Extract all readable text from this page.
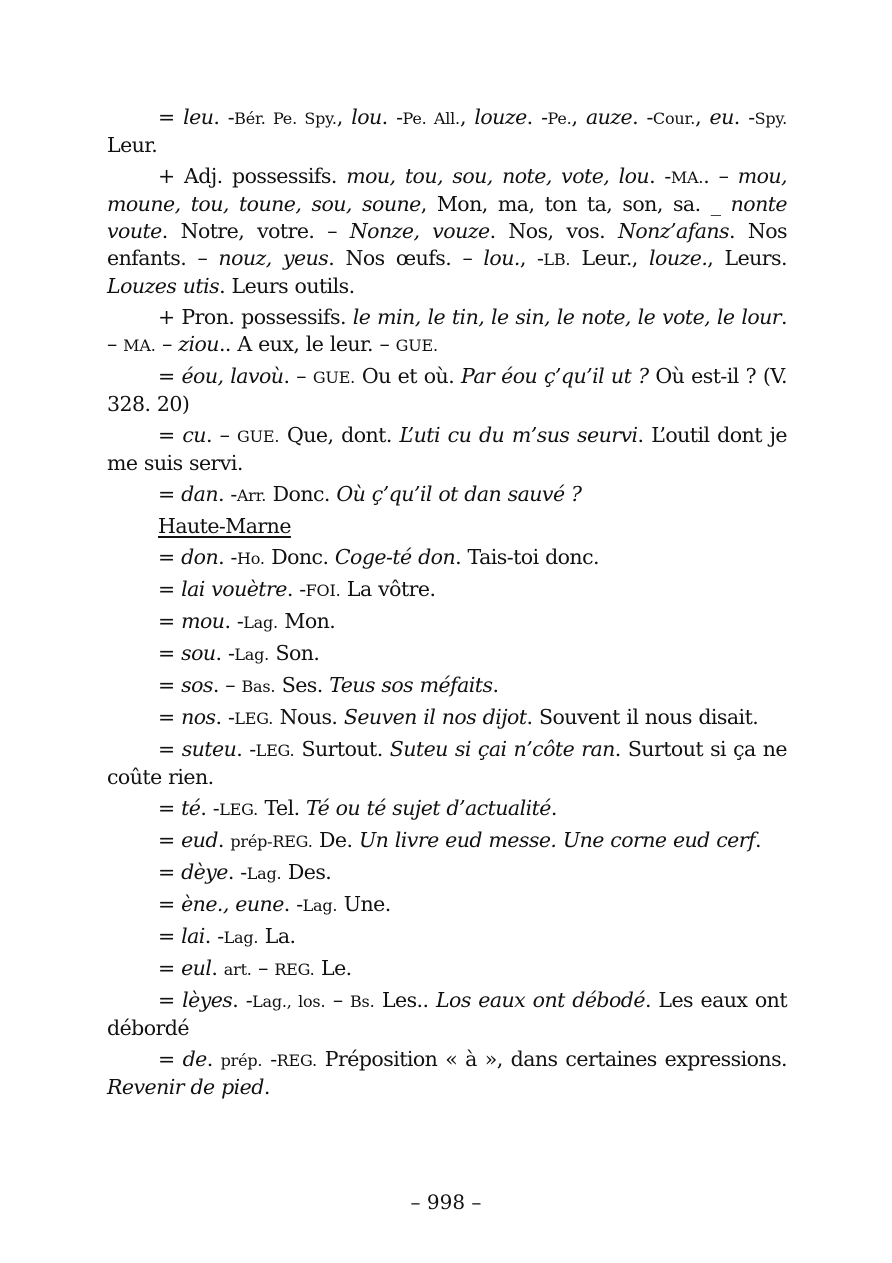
= leu. -Bér. Pe. Spy., lou. -Pe. All., louze. -Pe., auze. -Cour., eu. -Spy. Leur.

+ Adj. possessifs. mou, tou, sou, note, vote, lou. -MA.. – mou, moune, tou, toune, sou, soune, Mon, ma, ton ta, son, sa. _ nonte voute. Notre, votre. – Nonze, vouze. Nos, vos. Nonz’afans. Nos enfants. – nouz, yeus. Nos œufs. – lou., -LB. Leur., louze., Leurs. Louzes utis. Leurs outils.

+ Pron. possessifs. le min, le tin, le sin, le note, le vote, le lour. – MA. – ziou.. A eux, le leur. – GUE.

= éou, lavoù. – GUE. Ou et où. Par éou ç’qu’il ut ? Où est-il ? (V. 328. 20)

= cu. – GUE. Que, dont. L’uti cu du m’sus seurvi. L’outil dont je me suis servi.

= dan. -Arr. Donc. Où ç’qu’il ot dan sauvé ?

Haute-Marne

= don. -Ho. Donc. Coge-té don. Tais-toi donc.

= lai vouètre. -FOI. La vôtre.

= mou. -Lag. Mon.

= sou. -Lag. Son.

= sos. – Bas. Ses. Teus sos méfaits.

= nos. -LEG. Nous. Seuven il nos dijot. Souvent il nous disait.

= suteu. -LEG. Surtout. Suteu si çai n’côte ran. Surtout si ça ne coûte rien.

= té. -LEG. Tel. Té ou té sujet d’actualité.

= eud. prép-REG. De. Un livre eud messe. Une corne eud cerf.

= dèye. -Lag. Des.

= ène., eune. -Lag. Une.

= lai. -Lag. La.

= eul. art. – REG. Le.

= lèyes. -Lag., los. – Bs. Les.. Los eaux ont débodé. Les eaux ont débordé

= de. prép. -REG. Préposition « à », dans certaines expressions. Revenir de pied.

– 998 –
